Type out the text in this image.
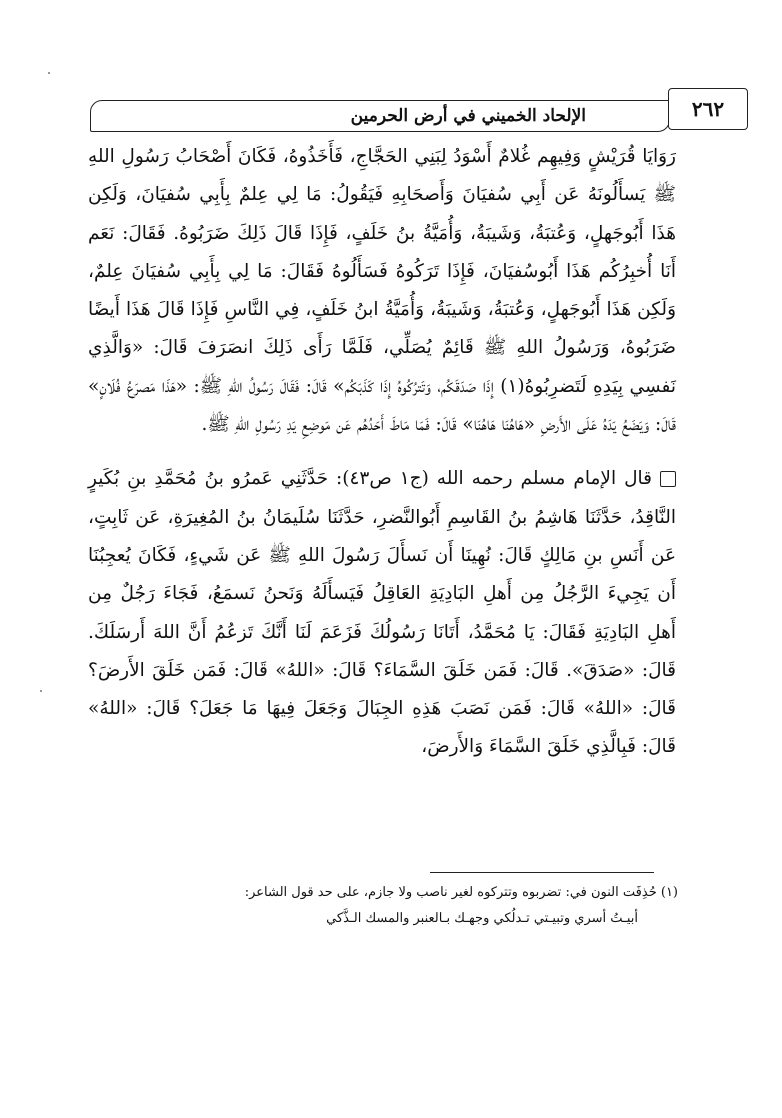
٢٦٢
الإلحاد الخميني في أرض الحرمين

رَوَايَا قُرَيْشٍ وَفِيهِم غُلامٌ أَسْوَدُ لِبَنِي الحَجَّاجِ، فَأَخَذُوهُ، فَكَانَ أَصْحَابُ رَسُولِ اللهِ ﷺ يَسأَلُونَهُ عَن أَبِي سُفيَانَ وَأَصحَابِهِ فَيَقُولُ: مَا لِي عِلمٌ بِأَبِي سُفيَانَ، وَلَكِن هَذَا أَبُوجَهلٍ، وَعُتبَةُ، وَشَيبَةُ، وَأُمَيَّةُ بنُ خَلَفٍ، فَإِذَا قَالَ ذَلِكَ ضَرَبُوهُ. فَقَالَ: نَعَم أَنَا أُخبِرُكُم هَذَا أَبُوسُفيَانَ، فَإِذَا تَرَكُوهُ فَسَأَلُوهُ فَقَالَ: مَا لِي بِأَبِي سُفيَانَ عِلمٌ، وَلَكِن هَذَا أَبُوجَهلٍ، وَعُتبَةُ، وَشَيبَةُ، وَأُمَيَّةُ ابنُ خَلَفٍ، فِي النَّاسِ فَإِذَا قَالَ هَذَا أَيضًا ضَرَبُوهُ، وَرَسُولُ اللهِ ﷺ قَائِمٌ يُصَلِّي، فَلَمَّا رَأَى ذَلِكَ انصَرَفَ قَالَ: «وَالَّذِي نَفسِي بِيَدِهِ لَتَضرِبُوهُ(١) إِذَا صَدَقَكُم، وَتَترُكُوهُ إِذَا كَذَبَكُم» قَالَ: فَقَالَ رَسُولُ اللهِ ﷺ: «هَذَا مَصرَعُ فُلَانٍ» قَالَ: وَيَضَعُ يَدَهُ عَلَى الأَرضِ «هَاهُنَا هَاهُنَا» قَالَ: فَمَا مَاطَ أَحَدُهُم عَن مَوضِعِ يَدِ رَسُولِ اللهِ ﷺ.

قال الإمام مسلم رحمه الله (ج١ ص٤٣): حَدَّثَنِي عَمرُو بنُ مُحَمَّدِ بنِ بُكَيرٍ النَّاقِدُ، حَدَّثَنَا هَاشِمُ بنُ القَاسِمِ أَبُوالنَّضرِ، حَدَّثَنَا سُلَيمَانُ بنُ المُغِيرَةِ، عَن ثَابِتٍ، عَن أَنَسِ بنِ مَالِكٍ قَالَ: نُهِينَا أَن نَسأَلَ رَسُولَ اللهِ ﷺ عَن شَيءٍ، فَكَانَ يُعجِبُنَا أَن يَجِيءَ الرَّجُلُ مِن أَهلِ البَادِيَةِ العَاقِلُ فَيَسأَلَهُ وَنَحنُ نَسمَعُ، فَجَاءَ رَجُلٌ مِن أَهلِ البَادِيَةِ فَقَالَ: يَا مُحَمَّدُ، أَتَانَا رَسُولُكَ فَزَعَمَ لَنَا أَنَّكَ تَزعُمُ أَنَّ اللهَ أَرسَلَكَ. قَالَ: «صَدَقَ». قَالَ: فَمَن خَلَقَ السَّمَاءَ؟ قَالَ: «اللهُ» قَالَ: فَمَن خَلَقَ الأَرضَ؟ قَالَ: «اللهُ» قَالَ: فَمَن نَصَبَ هَذِهِ الجِبَالَ وَجَعَلَ فِيهَا مَا جَعَلَ؟ قَالَ: «اللهُ» قَالَ: فَبِالَّذِي خَلَقَ السَّمَاءَ وَالأَرضَ،

(١) حُذِفَت النون في: تضربوه وتتركوه لغير ناصب ولا جازم، على حد قول الشاعر:

أبيـتُ أسري وتبيـتي تـدلُكي وجهـك بـالعنبر والمسك الـذَّكي
